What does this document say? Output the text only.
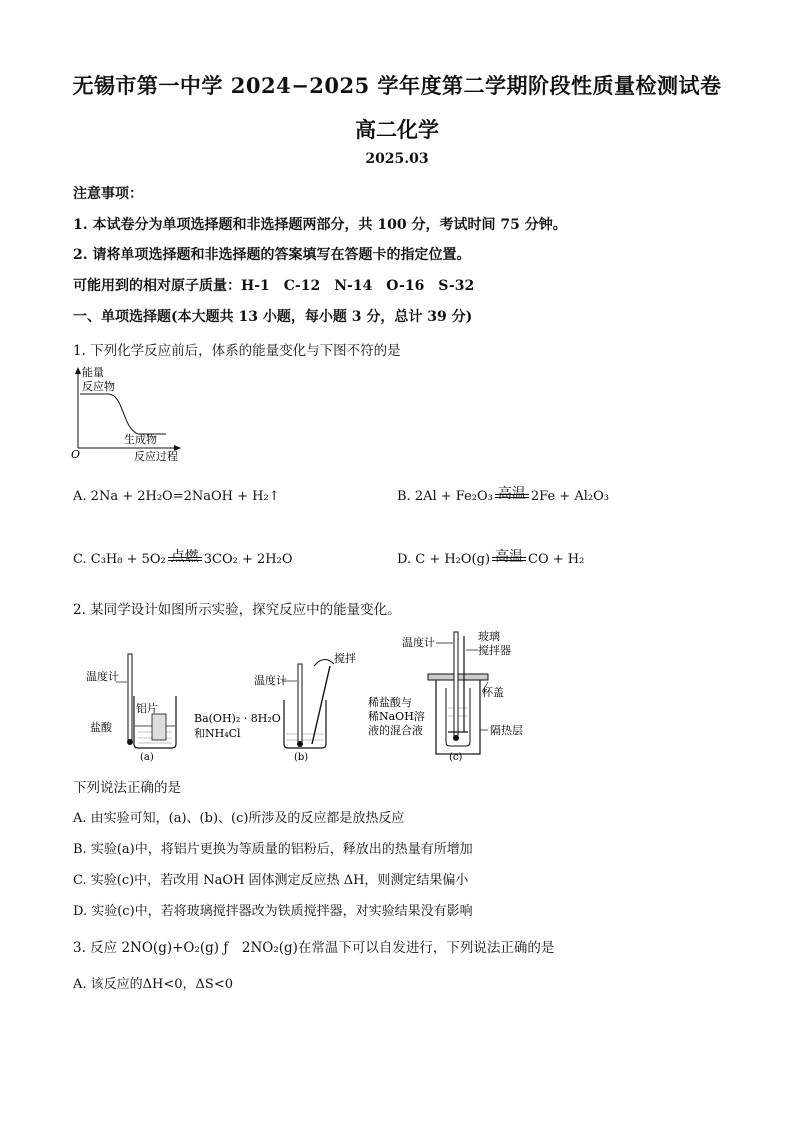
无锡市第一中学 2024−2025 学年度第二学期阶段性质量检测试卷
高二化学
2025.03
注意事项：
1. 本试卷分为单项选择题和非选择题两部分，共 100 分，考试时间 75 分钟。
2. 请将单项选择题和非选择题的答案填写在答题卡的指定位置。
可能用到的相对原子质量：H-1　C-12　N-14　O-16　S-32
一、单项选择题(本大题共 13 小题，每小题 3 分，总计 39 分)
1. 下列化学反应前后，体系的能量变化与下图不符的是
能量
反应物
生成物
O	反应过程
A. 2Na + 2H₂O=2NaOH + H₂↑	B. 2Al + Fe₂O₃ 高温 2Fe + Al₂O₃
C. C₃H₈ + 5O₂ 点燃 3CO₂ + 2H₂O	D. C + H₂O(g) 高温 CO + H₂
2. 某同学设计如图所示实验，探究反应中的能量变化。
温度计
铝片
盐酸
(a)
温度计
搅拌
Ba(OH)₂ · 8H₂O
和NH₄Cl
(b)
温度计	玻璃
搅拌器
杯盖
稀盐酸与
稀NaOH溶
液的混合液	隔热层
(c)
下列说法正确的是
A. 由实验可知，(a)、(b)、(c)所涉及的反应都是放热反应
B. 实验(a)中，将铝片更换为等质量的铝粉后，释放出的热量有所增加
C. 实验(c)中，若改用 NaOH 固体测定反应热 ΔH，则测定结果偏小
D. 实验(c)中，若将玻璃搅拌器改为铁质搅拌器，对实验结果没有影响
3. 反应 2NO(g)+O₂(g) ƒ　2NO₂(g)在常温下可以自发进行，下列说法正确的是
A. 该反应的ΔH<0，ΔS<0
